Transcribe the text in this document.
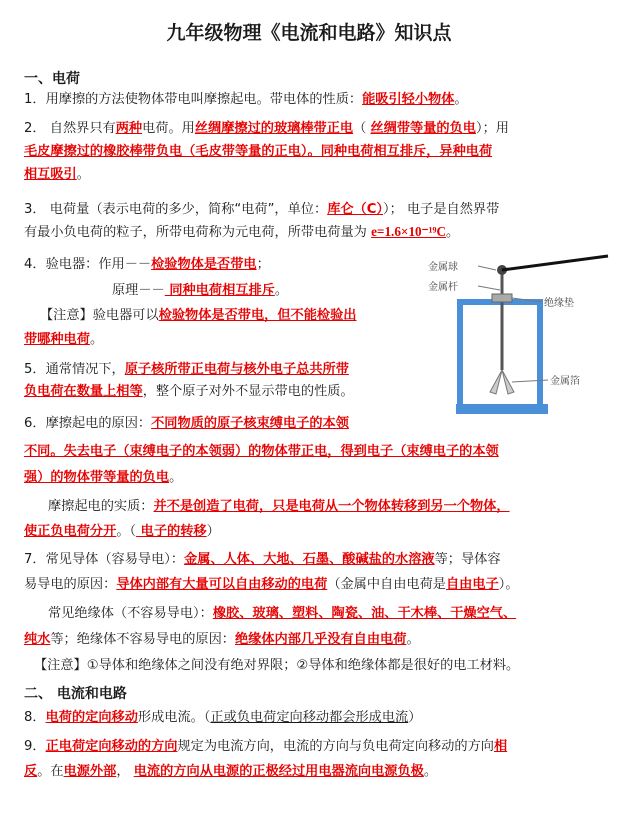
九年级物理《电流和电路》知识点
一、电荷
1．用摩擦的方法使物体带电叫摩擦起电。带电体的性质：能吸引轻小物体。
2． 自然界只有两种电荷。用丝绸摩擦过的玻璃棒带正电（ 丝绸带等量的负电）；用
毛皮摩擦过的橡胶棒带负电（毛皮带等量的正电）。同种电荷相互排斥，异种电荷
相互吸引。
3． 电荷量（表示电荷的多少，简称“电荷”，单位：库仑（C））； 电子是自然界带
有最小负电荷的粒子，所带电荷称为元电荷，所带电荷量为 e=1.6×10⁻¹⁹C。
4．验电器：作用－－检验物体是否带电；
原理－－ 同种电荷相互排斥。
【注意】验电器可以检验物体是否带电，但不能检验出
带哪种电荷。
金属球
金属杆
绝缘垫
金属箔
5．通常情况下，原子核所带正电荷与核外电子总共所带
负电荷在数量上相等，整个原子对外不显示带电的性质。
6．摩擦起电的原因：不同物质的原子核束缚电子的本领
不同。失去电子（束缚电子的本领弱）的物体带正电，得到电子（束缚电子的本领
强）的物体带等量的负电。
摩擦起电的实质：并不是创造了电荷，只是电荷从一个物体转移到另一个物体，
使正负电荷分开。（ 电子的转移）
7．常见导体（容易导电）：金属、人体、大地、石墨、酸碱盐的水溶液等；导体容
易导电的原因：导体内部有大量可以自由移动的电荷（金属中自由电荷是自由电子）。
常见绝缘体（不容易导电）：橡胶、玻璃、塑料、陶瓷、油、干木棒、干燥空气、
纯水等；绝缘体不容易导电的原因：绝缘体内部几乎没有自由电荷。
【注意】①导体和绝缘体之间没有绝对界限；②导体和绝缘体都是很好的电工材料。
二、 电流和电路
8．电荷的定向移动形成电流。（正或负电荷定向移动都会形成电流）
9．正电荷定向移动的方向规定为电流方向，电流的方向与负电荷定向移动的方向相
反。在电源外部， 电流的方向从电源的正极经过用电器流向电源负极。
